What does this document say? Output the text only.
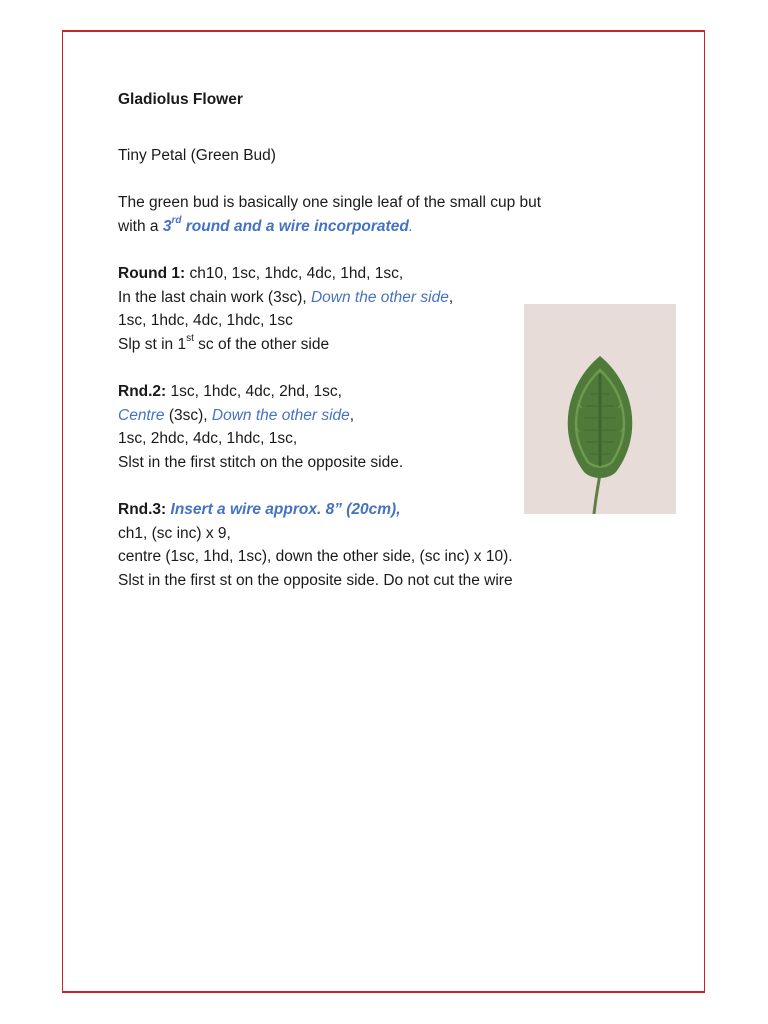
Gladiolus Flower

Tiny Petal (Green Bud)

The green bud is basically one single leaf of the small cup but
with a 3rd round and a wire incorporated.
Round 1: ch10, 1sc, 1hdc, 4dc, 1hd, 1sc,
In the last chain work (3sc), Down the other side,
1sc, 1hdc, 4dc, 1hdc, 1sc
Slp st in 1st sc of the other side
Rnd.2: 1sc, 1hdc, 4dc, 2hd, 1sc,
Centre (3sc), Down the other side,
1sc, 2hdc, 4dc, 1hdc, 1sc,
Slst in the first stitch on the opposite side.
Rnd.3: Insert a wire approx. 8” (20cm),
ch1, (sc inc) x 9,
centre (1sc, 1hd, 1sc), down the other side, (sc inc) x 10).
Slst in the first st on the opposite side. Do not cut the wire
